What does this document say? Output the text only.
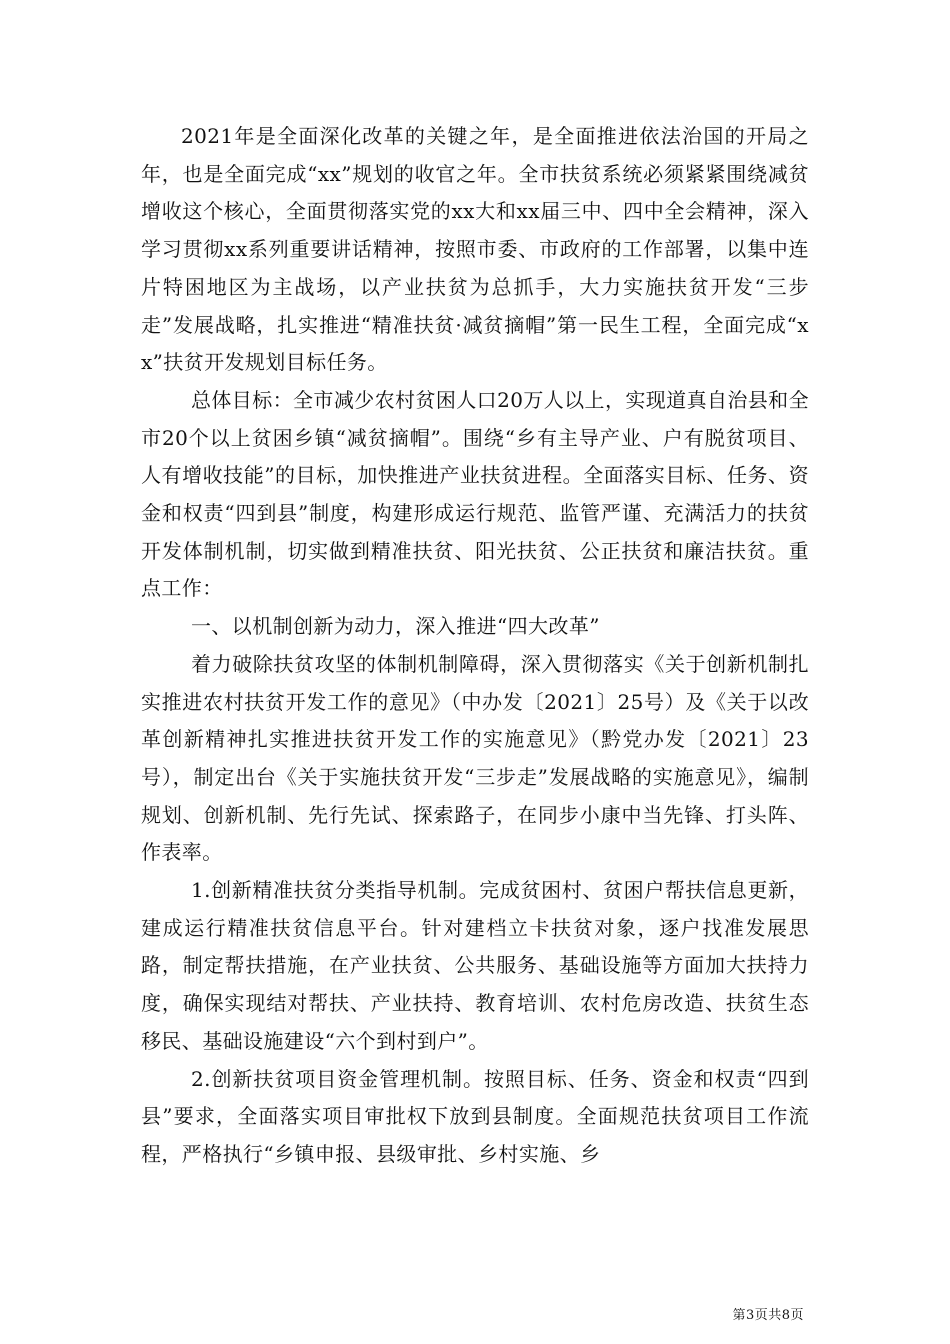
2021年是全面深化改革的关键之年，是全面推进依法治国的开局之年，也是全面完成“xx”规划的收官之年。全市扶贫系统必须紧紧围绕减贫增收这个核心，全面贯彻落实党的xx大和xx届三中、四中全会精神，深入学习贯彻xx系列重要讲话精神，按照市委、市政府的工作部署，以集中连片特困地区为主战场，以产业扶贫为总抓手，大力实施扶贫开发“三步走”发展战略，扎实推进“精准扶贫·减贫摘帽”第一民生工程，全面完成“xx”扶贫开发规划目标任务。

总体目标：全市减少农村贫困人口20万人以上，实现道真自治县和全市20个以上贫困乡镇“减贫摘帽”。围绕“乡有主导产业、户有脱贫项目、人有增收技能”的目标，加快推进产业扶贫进程。全面落实目标、任务、资金和权责“四到县”制度，构建形成运行规范、监管严谨、充满活力的扶贫开发体制机制，切实做到精准扶贫、阳光扶贫、公正扶贫和廉洁扶贫。重点工作：

一、以机制创新为动力，深入推进“四大改革”

着力破除扶贫攻坚的体制机制障碍，深入贯彻落实《关于创新机制扎实推进农村扶贫开发工作的意见》（中办发〔2021〕25号）及《关于以改革创新精神扎实推进扶贫开发工作的实施意见》（黔党办发〔2021〕23号），制定出台《关于实施扶贫开发“三步走”发展战略的实施意见》，编制规划、创新机制、先行先试、探索路子，在同步小康中当先锋、打头阵、作表率。

1.创新精准扶贫分类指导机制。完成贫困村、贫困户帮扶信息更新，建成运行精准扶贫信息平台。针对建档立卡扶贫对象，逐户找准发展思路，制定帮扶措施，在产业扶贫、公共服务、基础设施等方面加大扶持力度，确保实现结对帮扶、产业扶持、教育培训、农村危房改造、扶贫生态移民、基础设施建设“六个到村到户”。

2.创新扶贫项目资金管理机制。按照目标、任务、资金和权责“四到县”要求，全面落实项目审批权下放到县制度。全面规范扶贫项目工作流程，严格执行“乡镇申报、县级审批、乡村实施、乡

第3页共8页
